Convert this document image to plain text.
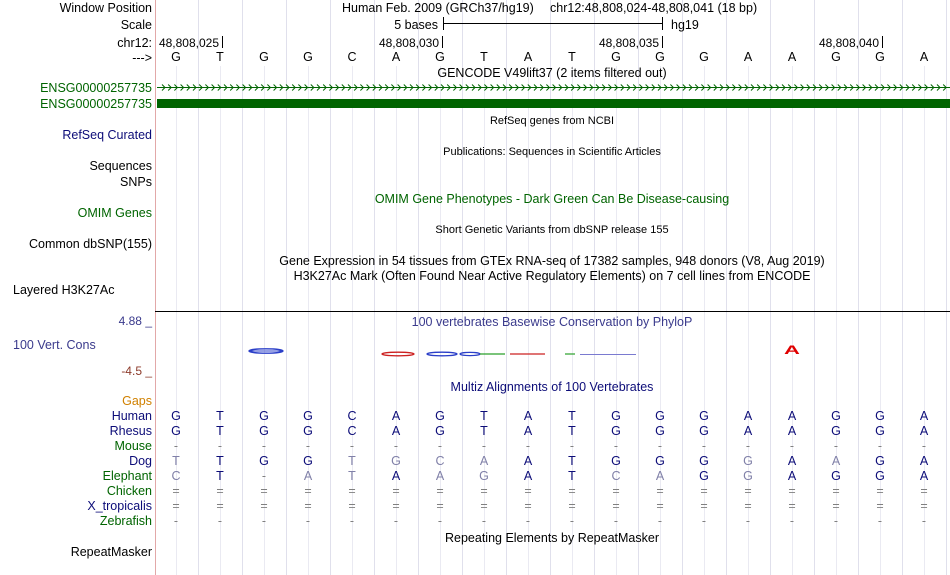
Window Position
Scale
chr12:
--->
Human Feb. 2009 (GRCh37/hg19) chr12:48,808,024-48,808,041 (18 bp)
5 bases	hg19
48,808,025	48,808,030	48,808,035	48,808,040
G	T	G	G	C	A	G	T	A	T	G	G	G	A	A	G	G	A
GENCODE V49lift37 (2 items filtered out)
ENSG00000257735
ENSG00000257735
RefSeq Curated
RefSeq genes from NCBI
Publications: Sequences in Scientific Articles
Sequences
SNPs
OMIM Gene Phenotypes - Dark Green Can Be Disease-causing
OMIM Genes
Short Genetic Variants from dbSNP release 155
Common dbSNP(155)
Gene Expression in 54 tissues from GTEx RNA-seq of 17382 samples, 948 donors (V8, Aug 2019)
H3K27Ac Mark (Often Found Near Active Regulatory Elements) on 7 cell lines from ENCODE
Layered H3K27Ac
100 vertebrates Basewise Conservation by PhyloP
4.88 _
100 Vert. Cons
-4.5 _
A
Multiz Alignments of 100 Vertebrates
Gaps
Human G	T	G	G	C	A	G	T	A	T	G	G	G	A	A	G	G	A
Rhesus G	T	G	G	C	A	G	T	A	T	G	G	G	A	A	G	G	A
Mouse -	-	-	-	-	-	-	-	-	-	-	-	-	-	-	-	-	-
Dog T	T	G	G	T	G	C	A	A	T	G	G	G	G	A	A	G	A
Elephant C	T	-	A	T	A	A	G	A	T	C	A	G	G	A	G	G	A
Chicken =	=	=	=	=	=	=	=	=	=	=	=	=	=	=	=	=	=
X_tropicalis =	=	=	=	=	=	=	=	=	=	=	=	=	=	=	=	=	=
Zebrafish -	-	-	-	-	-	-	-	-	-	-	-	-	-	-	-	-	-
Repeating Elements by RepeatMasker
RepeatMasker
